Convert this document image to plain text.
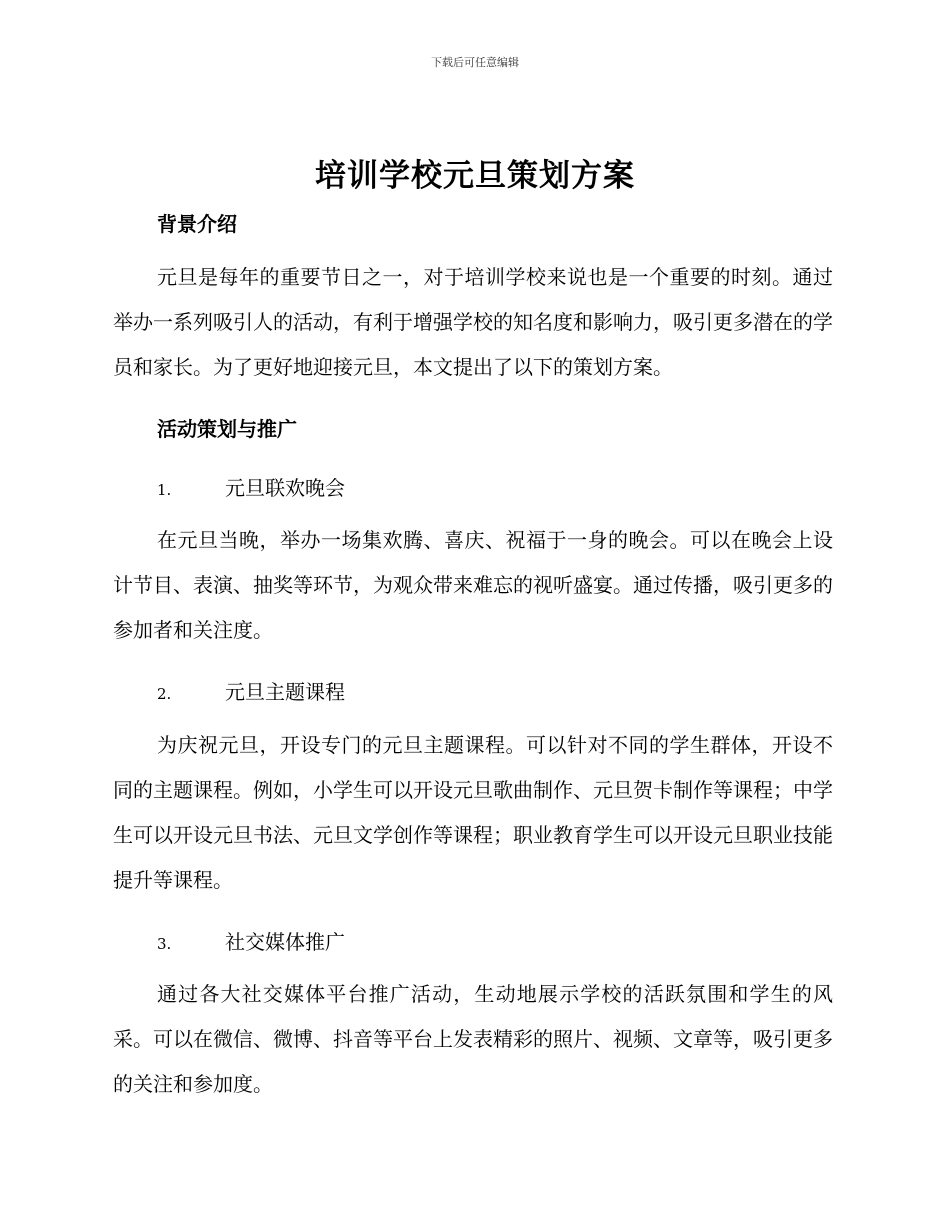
下载后可任意编辑
培训学校元旦策划方案
背景介绍

元旦是每年的重要节日之一，对于培训学校来说也是一个重要的时刻。通过举办一系列吸引人的活动，有利于增强学校的知名度和影响力，吸引更多潜在的学员和家长。为了更好地迎接元旦，本文提出了以下的策划方案。

活动策划与推广
1.	元旦联欢晚会

在元旦当晚，举办一场集欢腾、喜庆、祝福于一身的晚会。可以在晚会上设计节目、表演、抽奖等环节，为观众带来难忘的视听盛宴。通过传播，吸引更多的参加者和关注度。

2.	元旦主题课程

为庆祝元旦，开设专门的元旦主题课程。可以针对不同的学生群体，开设不同的主题课程。例如，小学生可以开设元旦歌曲制作、元旦贺卡制作等课程；中学生可以开设元旦书法、元旦文学创作等课程；职业教育学生可以开设元旦职业技能提升等课程。

3.	社交媒体推广

通过各大社交媒体平台推广活动，生动地展示学校的活跃氛围和学生的风采。可以在微信、微博、抖音等平台上发表精彩的照片、视频、文章等，吸引更多的关注和参加度。
